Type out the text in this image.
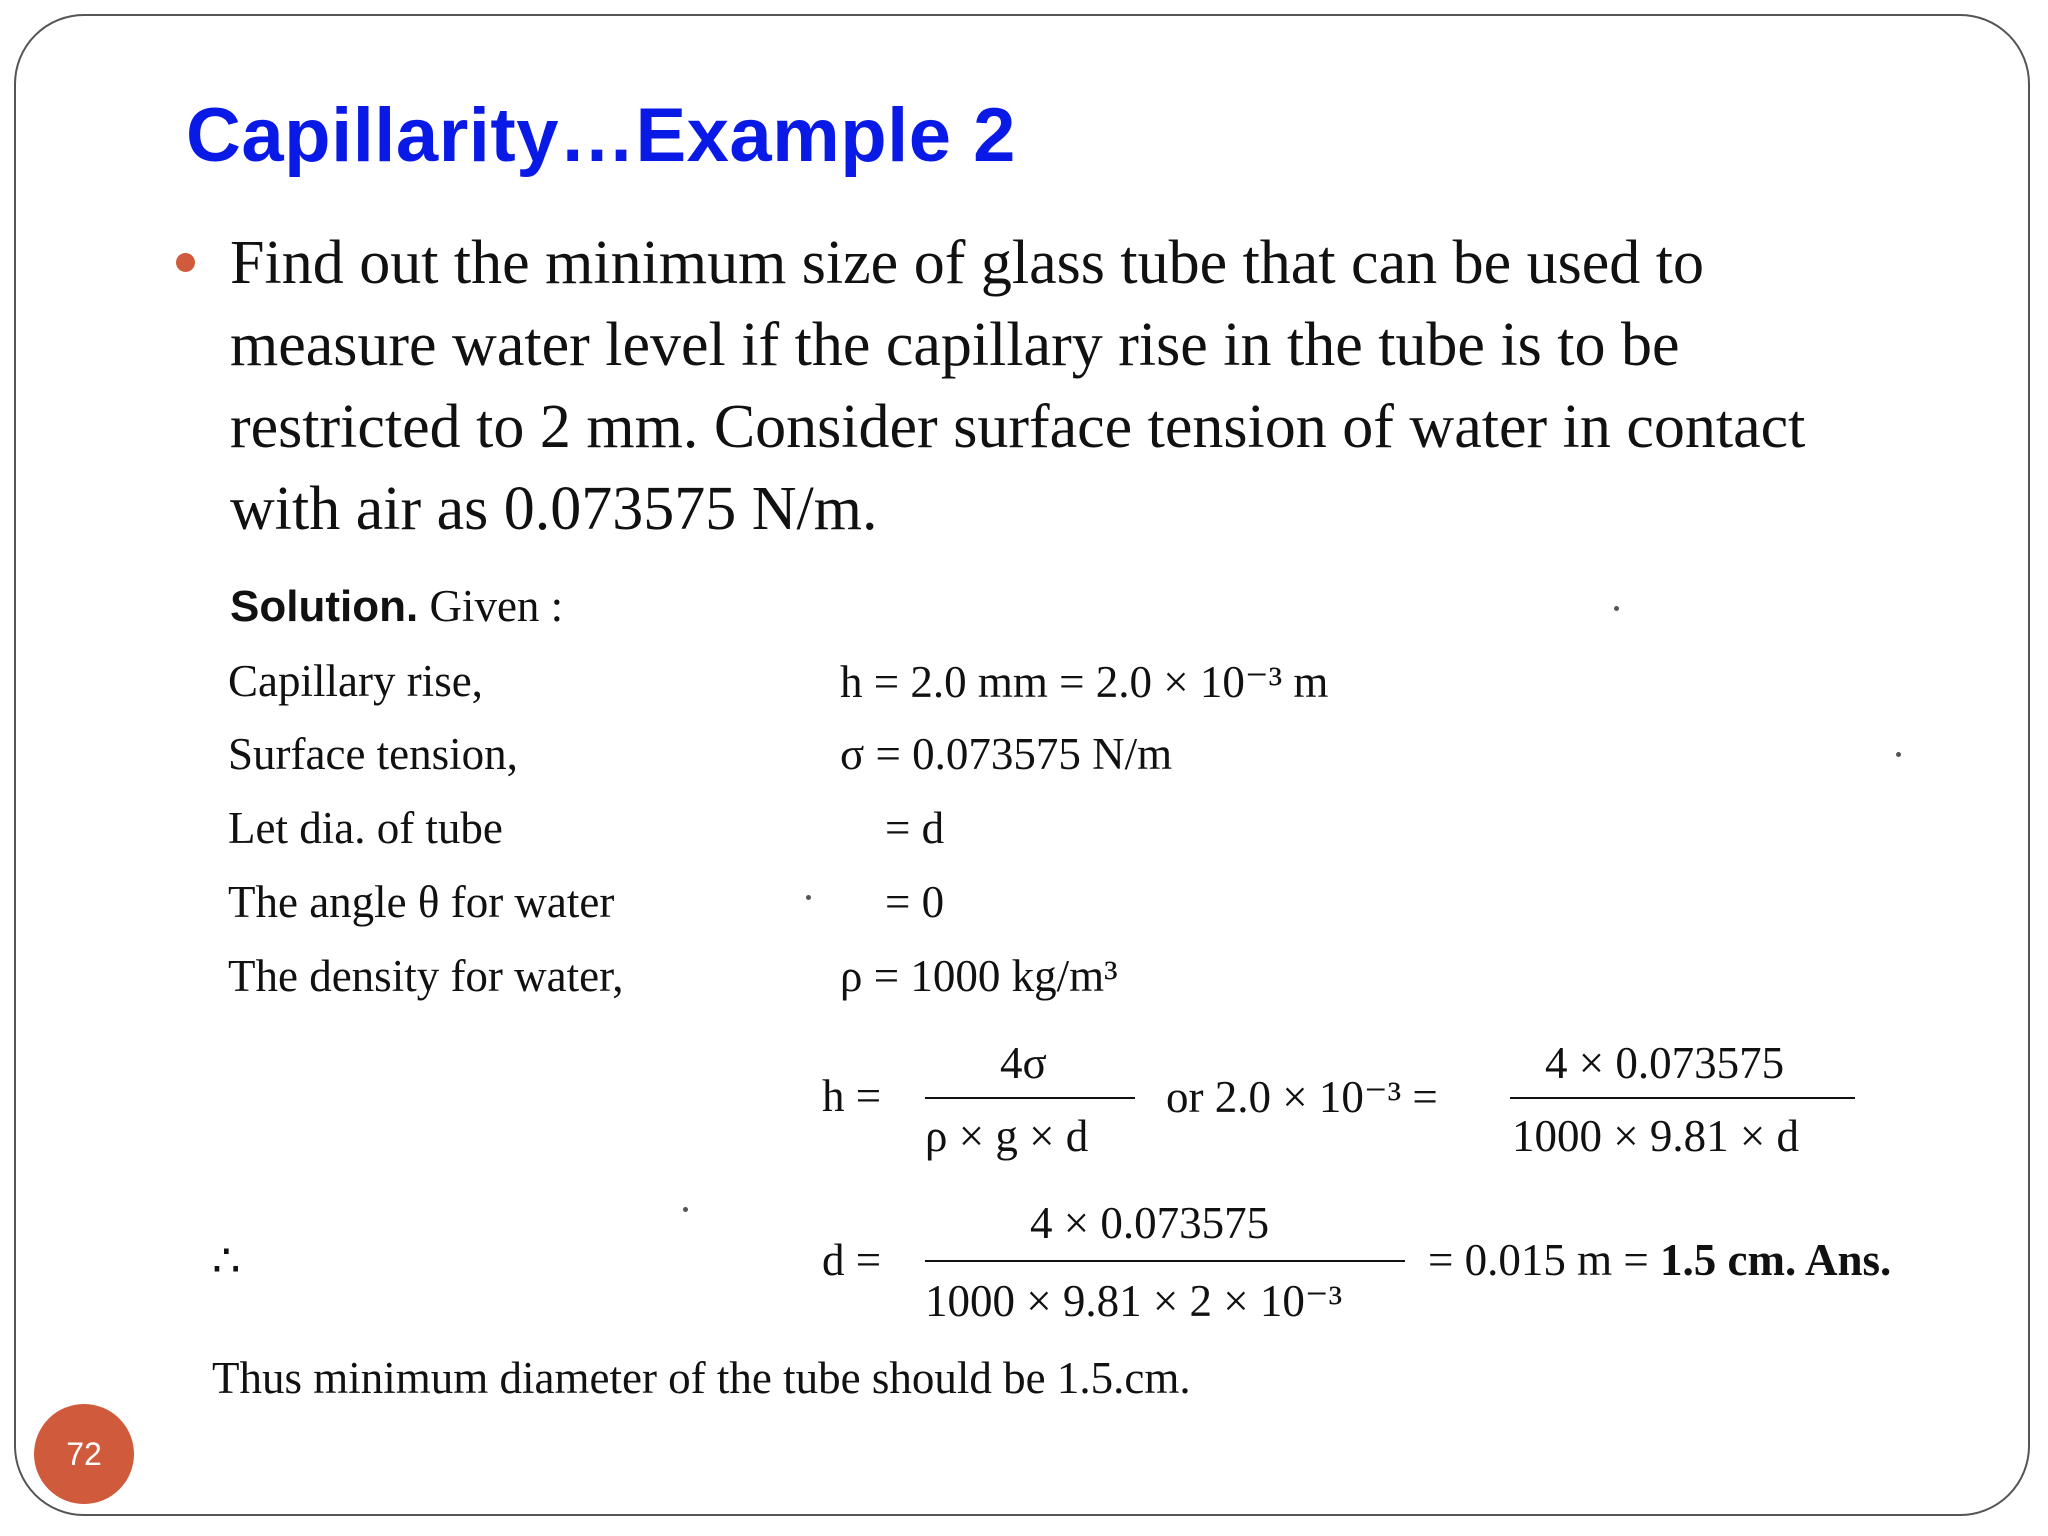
Capillarity…Example 2
Find out the minimum size of glass tube that can be used to measure water level if the capillary rise in the tube is to be restricted to 2 mm. Consider surface tension of water in contact with air as 0.073575 N/m.
Solution. Given :
Capillary rise,	h = 2.0 mm = 2.0 × 10⁻³ m
Surface tension,	σ = 0.073575 N/m
Let dia. of tube	= d
The angle θ for water	= 0
The density for water,	ρ = 1000 kg/m³
h =
4σ
ρ × g × d
or 2.0 × 10⁻³ =
4 × 0.073575
1000 × 9.81 × d
∴	d =
4 × 0.073575
1000 × 9.81 × 2 × 10⁻³
= 0.015 m = 1.5 cm. Ans.
Thus minimum diameter of the tube should be 1.5.cm.
72
